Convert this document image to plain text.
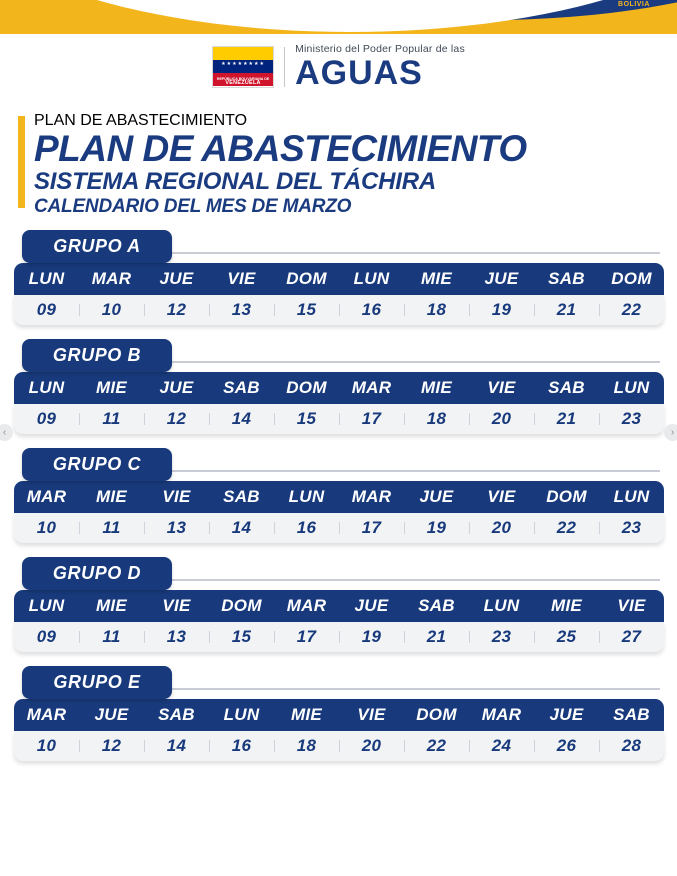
BOLIVIA
★★★★★★★★
REPÚBLICA BOLIVARIANA DE
VENEZUELA
Ministerio del Poder Popular de las
AGUAS
PLAN DE ABASTECIMIENTO
PLAN DE ABASTECIMIENTO
SISTEMA REGIONAL DEL TÁCHIRA
CALENDARIO DEL MES DE MARZO
‹	›
GRUPO A
LUN	MAR	JUE	VIE	DOM	LUN	MIE	JUE	SAB	DOM
09	10	12	13	15	16	18	19	21	22
GRUPO B
LUN	MIE	JUE	SAB	DOM	MAR	MIE	VIE	SAB	LUN
09	11	12	14	15	17	18	20	21	23
GRUPO C
MAR	MIE	VIE	SAB	LUN	MAR	JUE	VIE	DOM	LUN
10	11	13	14	16	17	19	20	22	23
GRUPO D
LUN	MIE	VIE	DOM	MAR	JUE	SAB	LUN	MIE	VIE
09	11	13	15	17	19	21	23	25	27
GRUPO E
MAR	JUE	SAB	LUN	MIE	VIE	DOM	MAR	JUE	SAB
10	12	14	16	18	20	22	24	26	28
